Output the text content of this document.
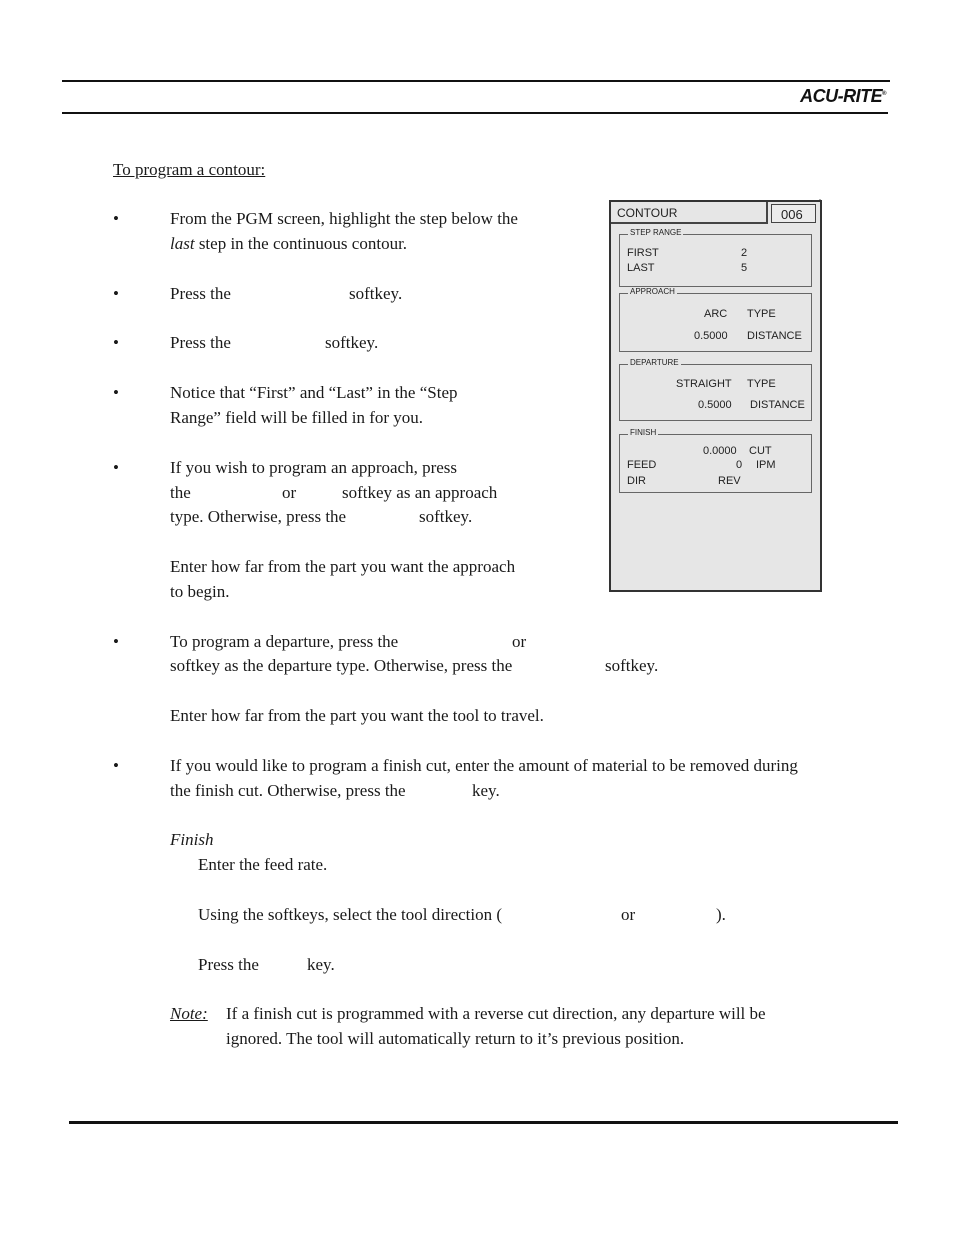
ACU-RITE®
To program a contour:
•	From the PGM screen, highlight the step below the
last step in the continuous contour.
•	Press the	softkey.
•	Press the	softkey.
•	Notice that “First” and “Last” in the “Step
Range” field will be filled in for you.
•	If you wish to program an approach, press
the	or	softkey as an approach
type. Otherwise, press the	softkey.
Enter how far from the part you want the approach
to begin.
•	To program a departure, press the	or
softkey as the departure type. Otherwise, press the	softkey.
Enter how far from the part you want the tool to travel.
•	If you would like to program a finish cut, enter the amount of material to be removed during
the finish cut. Otherwise, press the	key.
Finish
Enter the feed rate.
Using the softkeys, select the tool direction (	or	).
Press the	key.
Note: If a finish cut is programmed with a reverse cut direction, any departure will be
ignored. The tool will automatically return to it’s previous position.
CONTOUR	006
STEP RANGE
FIRST	2
LAST	5
APPROACH
ARC TYPE
0.5000 DISTANCE
DEPARTURE
STRAIGHT TYPE
0.5000 DISTANCE
FINISH
0.0000 CUT
FEED	0 IPM
DIR	REV
